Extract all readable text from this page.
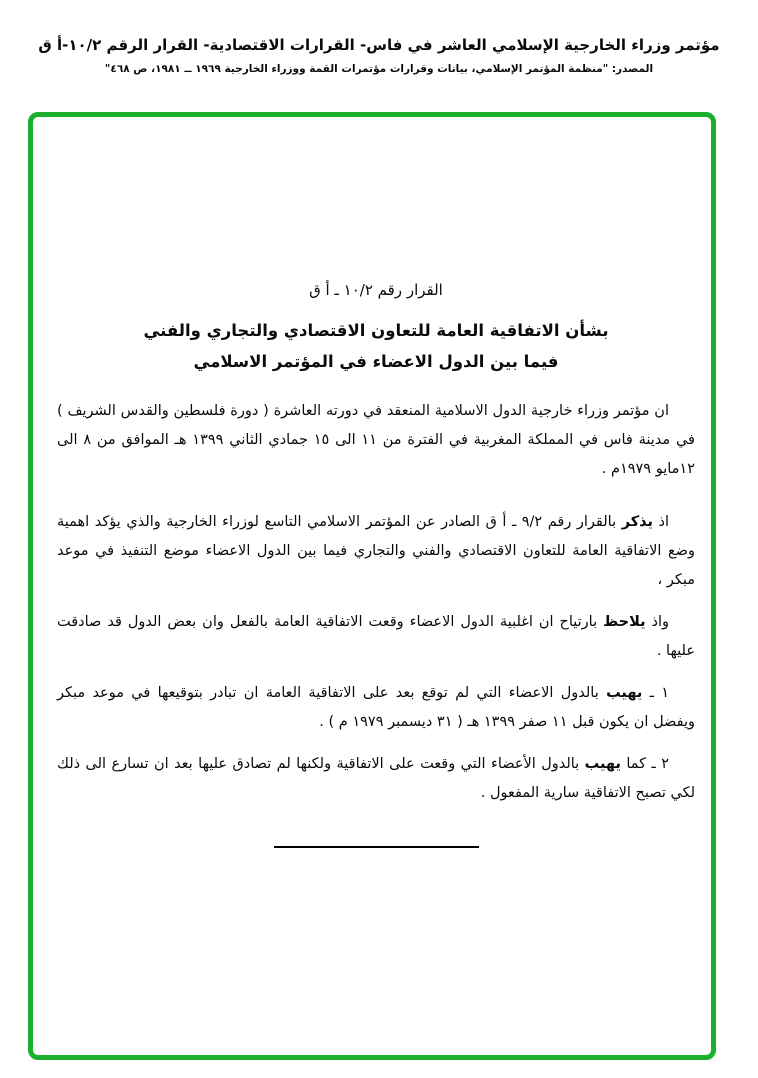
مؤتمر وزراء الخارجية الإسلامي العاشر في فاس- القرارات الاقتصادية- القرار الرقم ١٠/٢-أ ق
المصدر: "منظمة المؤتمر الإسلامي، بيانات وقرارات مؤتمرات القمة ووزراء الخارجية ١٩٦٩ ــ ١٩٨١، ص ٤٦٨"
القرار رقم ١٠/٢ ـ أ ق
بشأن الاتفاقية العامة للتعاون الاقتصادي والتجاري والفني
فيما بين الدول الاعضاء في المؤتمر الاسلامي

ان مؤتمر وزراء خارجية الدول الاسلامية المنعقد في دورته العاشرة ( دورة فلسطين والقدس الشريف ) في مدينة فاس في المملكة المغربية في الفترة من ١١ الى ١٥ جمادي الثاني ١٣٩٩ هـ الموافق من ٨ الى ١٢مايو ١٩٧٩م .

اذ يذكر بالقرار رقم ٩/٢ ـ أ ق الصادر عن المؤتمر الاسلامي التاسع لوزراء الخارجية والذي يؤكد اهمية وضع الاتفاقية العامة للتعاون الاقتصادي والفني والتجاري فيما بين الدول الاعضاء موضع التنفيذ في موعد مبكر ،

واذ يلاحظ بارتياح ان اغلبية الدول الاعضاء وقعت الاتفاقية العامة بالفعل وان بعض الدول قد صادقت عليها .

١ ـ يهيب بالدول الاعضاء التي لم توقع بعد على الاتفاقية العامة ان تبادر بتوقيعها في موعد مبكر ويفضل ان يكون قبل ١١ صفر ١٣٩٩ هـ ( ٣١ ديسمبر ١٩٧٩ م ) .

٢ ـ كما يهيب بالدول الأعضاء التي وقعت على الاتفاقية ولكنها لم تصادق عليها بعد ان تسارع الى ذلك لكي تصبح الاتفاقية سارية المفعول .
